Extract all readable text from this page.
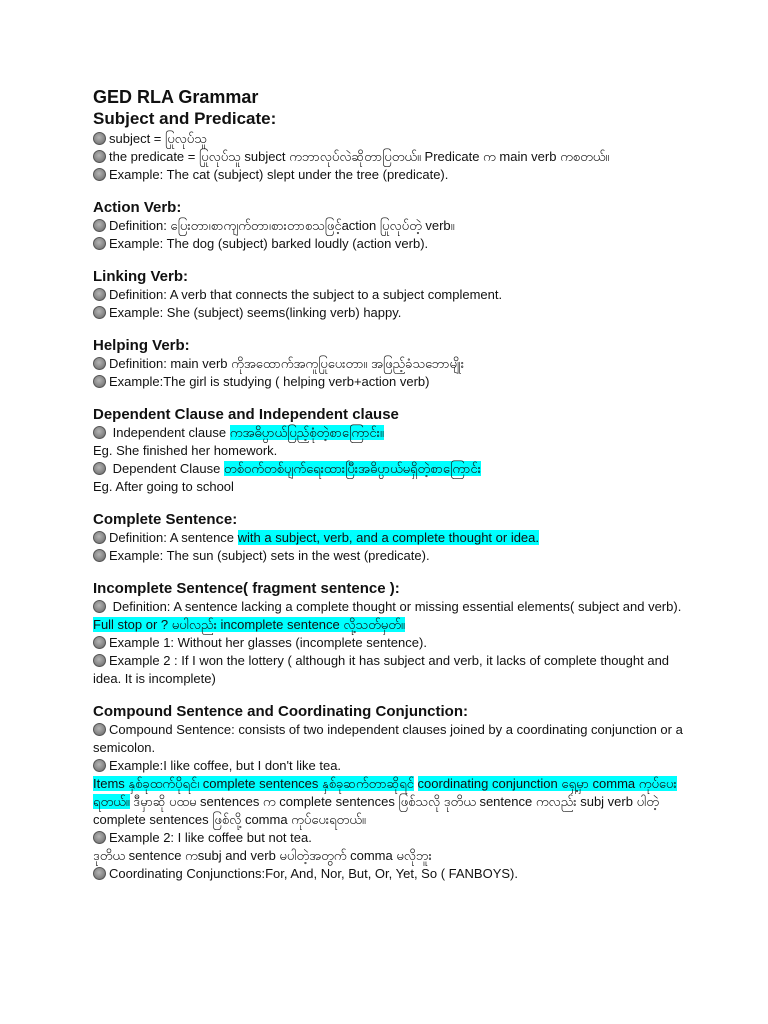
GED RLA Grammar
Subject and Predicate:

subject = ပြုလုပ်သူ

the predicate = ပြုလုပ်သူ subject ကဘာလုပ်လဲဆိုတာပြတယ်။ Predicate က main verb ကစတယ်။

Example: The cat (subject) slept under the tree (predicate).

Action Verb:

Definition: ပြေးတာ၊စာကျက်တာ၊စားတာစသဖြင့်action ပြုလုပ်တဲ့ verb။

Example: The dog (subject) barked loudly (action verb).

Linking Verb:

Definition: A verb that connects the subject to a subject complement.

Example: She (subject) seems(linking verb) happy.

Helping Verb:

Definition: main verb ကိုအထောက်အကူပြုပေးတာ။ အဖြည့်ခံသဘောမျိုး

Example:The girl is studying ( helping verb+action verb)

Dependent Clause and Independent clause

Independent clause ကအဓိပ္ပာယ်ပြည့်စုံတဲ့စာကြောင်း။

Eg. She finished her homework.

Dependent Clause တစ်ဝက်တစ်ပျက်ရေးထားပြီးအဓိပ္ပာယ်မရှိတဲ့စာကြောင်း

Eg. After going to school

Complete Sentence:

Definition: A sentence with a subject, verb, and a complete thought or idea.

Example: The sun (subject) sets in the west (predicate).

Incomplete Sentence( fragment sentence ):

Definition: A sentence lacking a complete thought or missing essential elements( subject and verb). Full stop or ? မပါလည်း incomplete sentence လို့သတ်မှတ်။

Example 1: Without her glasses (incomplete sentence).

Example 2 : If I won the lottery ( although it has subject and verb, it lacks of complete thought and idea. It is incomplete)

Compound Sentence and Coordinating Conjunction:

Compound Sentence: consists of two independent clauses joined by a coordinating conjunction or a semicolon.

Example:I like coffee, but I don't like tea.

Items နှစ်ခုထက်ပိုရင်၊ complete sentences နှစ်ခုဆက်တာဆိုရင် coordinating conjunction ရှေ့မှာ comma ကုပ်ပေးရတယ်။ ဒီမှာဆို ပထမ sentences က complete sentences ဖြစ်သလို ဒုတိယ sentence ကလည်း subj verb ပါတဲ့ complete sentences ဖြစ်လို့ comma ကုပ်ပေးရတယ်။

Example 2: I like coffee but not tea.

ဒုတိယ sentence ကsubj and verb မပါတဲ့အတွက် comma မလိုဘူး

Coordinating Conjunctions:For, And, Nor, But, Or, Yet, So ( FANBOYS).
